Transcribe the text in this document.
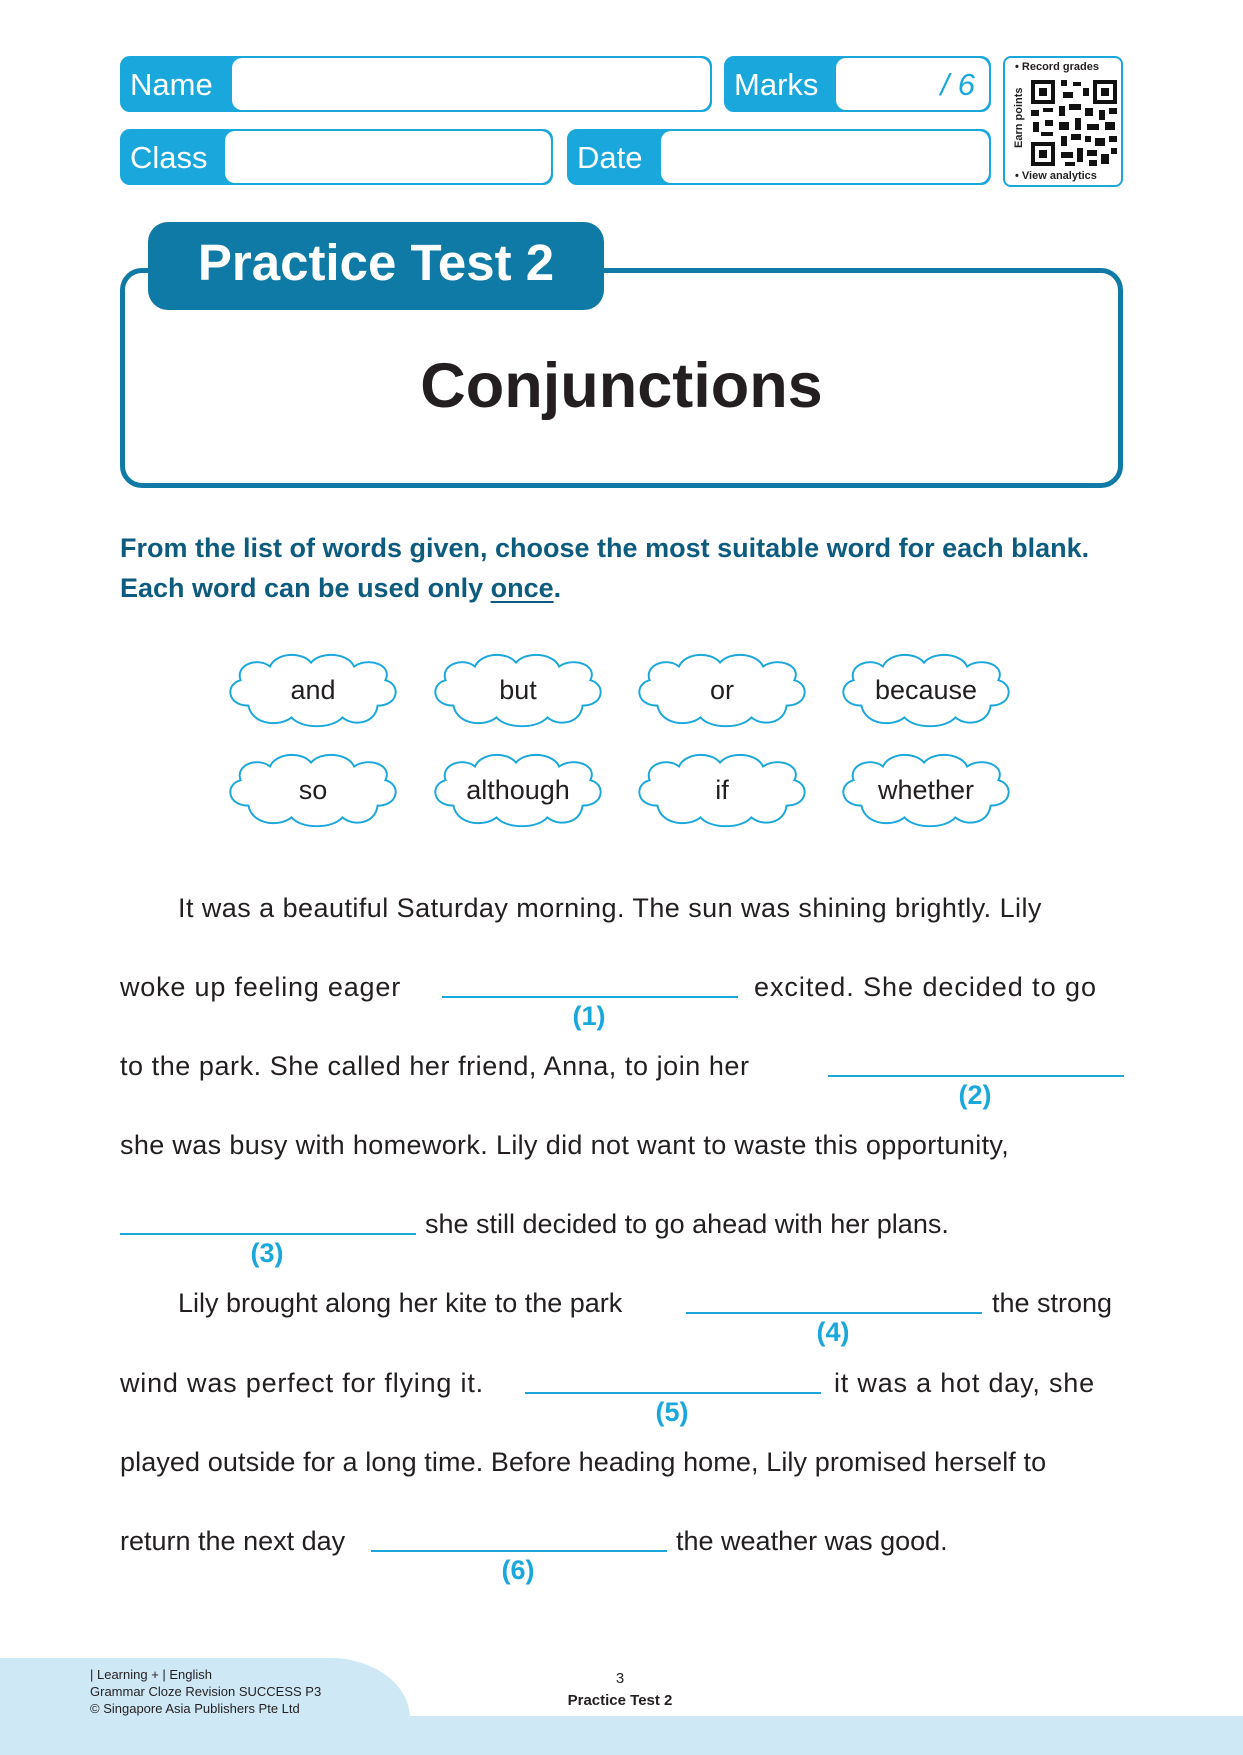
Name	Marks	/ 6
Class	Date
• Record grades
Earn points
• View analytics
Practice Test 2
Conjunctions
From the list of words given, choose the most suitable word for each blank. Each word can be used only once.
and	but	or	because
so	although	if	whether
It was a beautiful Saturday morning. The sun was shining brightly. Lily
woke up feeling eager	excited. She decided to go
(1)
to the park. She called her friend, Anna, to join her
(2)
she was busy with homework. Lily did not want to waste this opportunity,
she still decided to go ahead with her plans.
(3)
Lily brought along her kite to the park	the strong
(4)
wind was perfect for flying it.	it was a hot day, she
(5)
played outside for a long time. Before heading home, Lily promised herself to
return the next day	the weather was good.
(6)
| Learning + | English
Grammar Cloze Revision SUCCESS P3
© Singapore Asia Publishers Pte Ltd
3
Practice Test 2
